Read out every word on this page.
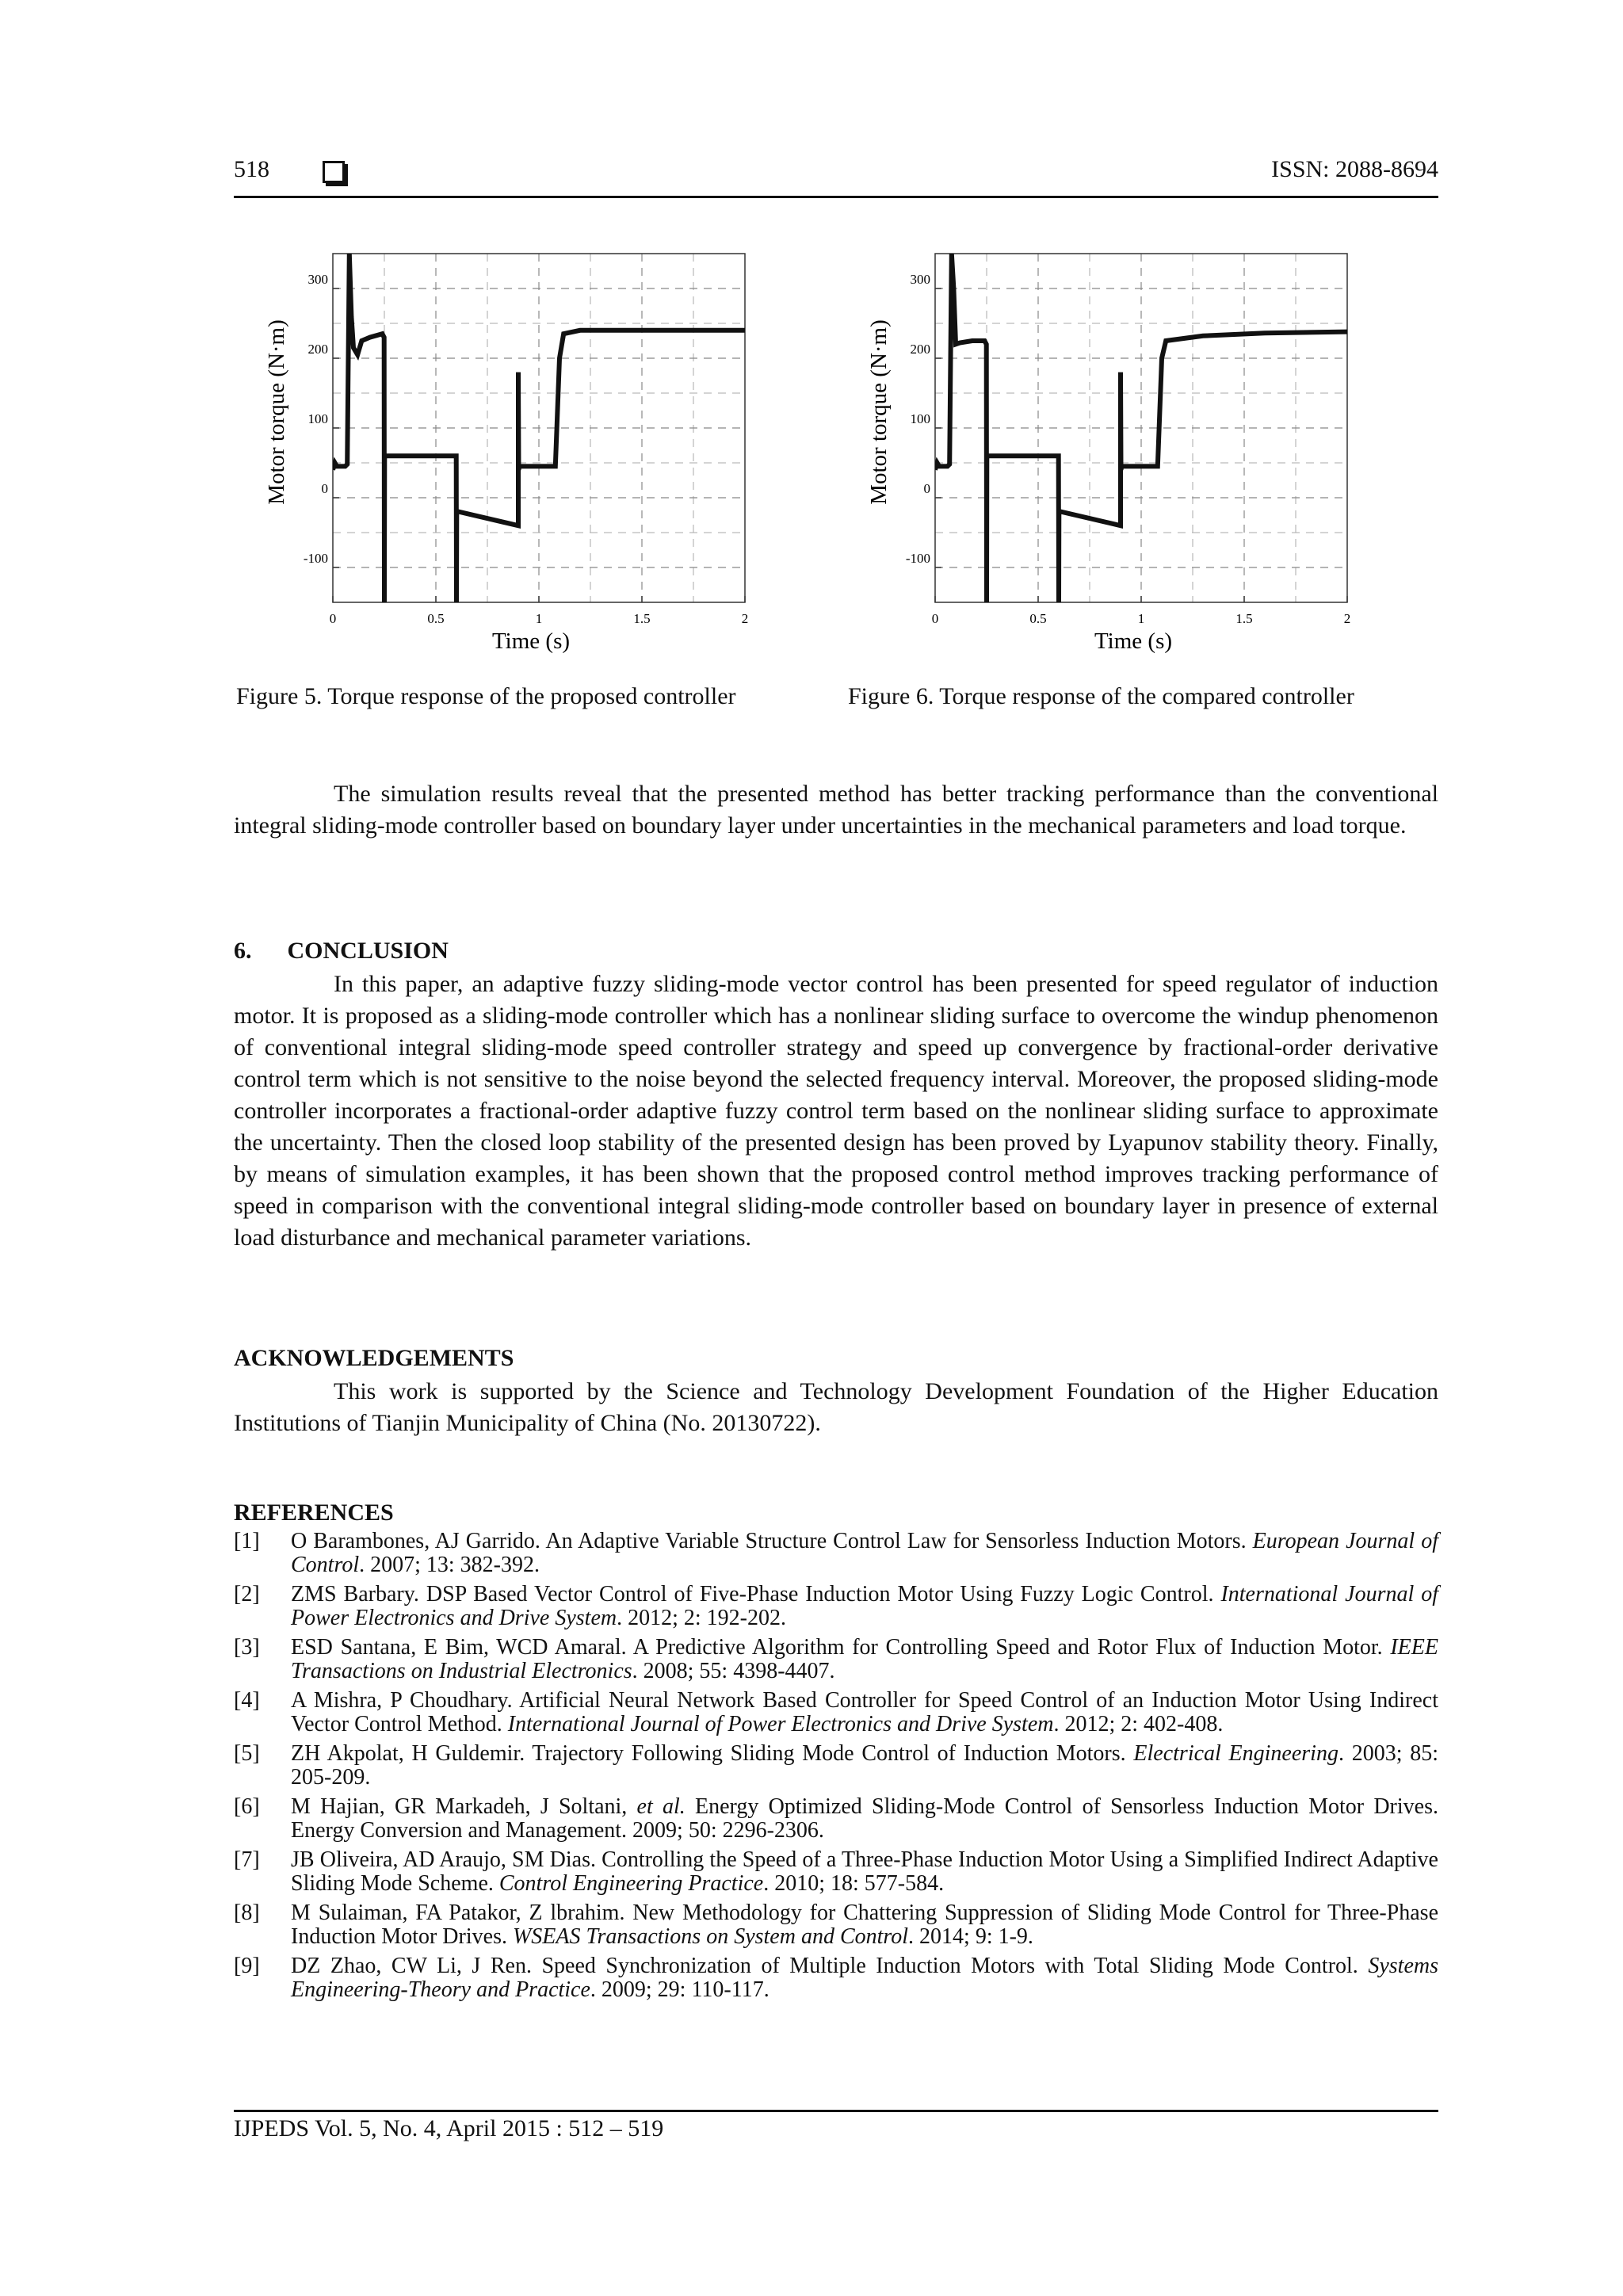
518	ISSN: 2088-8694
0	0.5	1	1.5	2
-100
0
100
200
300
Time (s)
Motor torque (N·m)
0	0.5	1	1.5	2
-100
0
100
200
300
Time (s)
Motor torque (N·m)
Figure 5. Torque response of the proposed controller	Figure 6. Torque response of the compared controller

The simulation results reveal that the presented method has better tracking performance than the conventional integral sliding-mode controller based on boundary layer under uncertainties in the mechanical parameters and load torque.

6.      CONCLUSION

In this paper, an adaptive fuzzy sliding-mode vector control has been presented for speed regulator of induction motor. It is proposed as a sliding-mode controller which has a nonlinear sliding surface to overcome the windup phenomenon of conventional integral sliding-mode speed controller strategy and speed up convergence by fractional-order derivative control term which is not sensitive to the noise beyond the selected frequency interval. Moreover, the proposed sliding-mode controller incorporates a fractional-order adaptive fuzzy control term based on the nonlinear sliding surface to approximate the uncertainty. Then the closed loop stability of the presented design has been proved by Lyapunov stability theory. Finally, by means of simulation examples, it has been shown that the proposed control method improves tracking performance of speed in comparison with the conventional integral sliding-mode controller based on boundary layer in presence of external load disturbance and mechanical parameter variations.

ACKNOWLEDGEMENTS

This work is supported by the Science and Technology Development Foundation of the Higher Education Institutions of Tianjin Municipality of China (No. 20130722).

REFERENCES
[1] O Barambones, AJ Garrido. An Adaptive Variable Structure Control Law for Sensorless Induction Motors. European Journal of Control. 2007; 13: 382-392.
[2] ZMS Barbary. DSP Based Vector Control of Five-Phase Induction Motor Using Fuzzy Logic Control. International Journal of Power Electronics and Drive System. 2012; 2: 192-202.
[3] ESD Santana, E Bim, WCD Amaral. A Predictive Algorithm for Controlling Speed and Rotor Flux of Induction Motor. IEEE Transactions on Industrial Electronics. 2008; 55: 4398-4407.
[4] A Mishra, P Choudhary. Artificial Neural Network Based Controller for Speed Control of an Induction Motor Using Indirect Vector Control Method. International Journal of Power Electronics and Drive System. 2012; 2: 402-408.
[5] ZH Akpolat, H Guldemir. Trajectory Following Sliding Mode Control of Induction Motors. Electrical Engineering. 2003; 85: 205-209.
[6] M Hajian, GR Markadeh, J Soltani, et al. Energy Optimized Sliding-Mode Control of Sensorless Induction Motor Drives. Energy Conversion and Management. 2009; 50: 2296-2306.
[7] JB Oliveira, AD Araujo, SM Dias. Controlling the Speed of a Three-Phase Induction Motor Using a Simplified Indirect Adaptive Sliding Mode Scheme. Control Engineering Practice. 2010; 18: 577-584.
[8] M Sulaiman, FA Patakor, Z lbrahim. New Methodology for Chattering Suppression of Sliding Mode Control for Three-Phase Induction Motor Drives. WSEAS Transactions on System and Control. 2014; 9: 1-9.
[9] DZ Zhao, CW Li, J Ren. Speed Synchronization of Multiple Induction Motors with Total Sliding Mode Control. Systems Engineering-Theory and Practice. 2009; 29: 110-117.
IJPEDS Vol. 5, No. 4, April 2015 : 512 – 519
